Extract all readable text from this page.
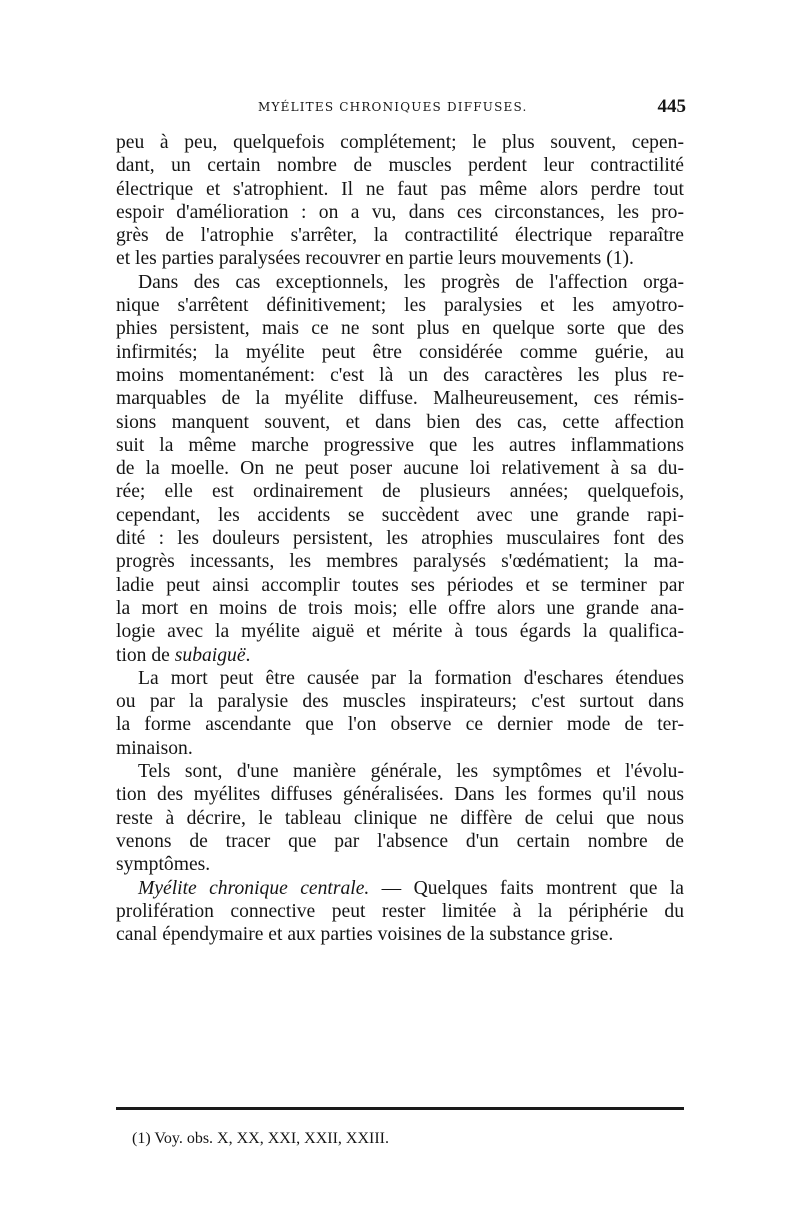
MYÉLITES CHRONIQUES DIFFUSES.	445
peu à peu, quelquefois complétement; le plus souvent, cepen-
dant, un certain nombre de muscles perdent leur contractilité
électrique et s'atrophient. Il ne faut pas même alors perdre tout
espoir d'amélioration : on a vu, dans ces circonstances, les pro-
grès de l'atrophie s'arrêter, la contractilité électrique reparaître
et les parties paralysées recouvrer en partie leurs mouvements (1).
Dans des cas exceptionnels, les progrès de l'affection orga-
nique s'arrêtent définitivement; les paralysies et les amyotro-
phies persistent, mais ce ne sont plus en quelque sorte que des
infirmités; la myélite peut être considérée comme guérie, au
moins momentanément: c'est là un des caractères les plus re-
marquables de la myélite diffuse. Malheureusement, ces rémis-
sions manquent souvent, et dans bien des cas, cette affection
suit la même marche progressive que les autres inflammations
de la moelle. On ne peut poser aucune loi relativement à sa du-
rée; elle est ordinairement de plusieurs années; quelquefois,
cependant, les accidents se succèdent avec une grande rapi-
dité : les douleurs persistent, les atrophies musculaires font des
progrès incessants, les membres paralysés s'œdématient; la ma-
ladie peut ainsi accomplir toutes ses périodes et se terminer par
la mort en moins de trois mois; elle offre alors une grande ana-
logie avec la myélite aiguë et mérite à tous égards la qualifica-
tion de subaiguë.
La mort peut être causée par la formation d'eschares étendues
ou par la paralysie des muscles inspirateurs; c'est surtout dans
la forme ascendante que l'on observe ce dernier mode de ter-
minaison.
Tels sont, d'une manière générale, les symptômes et l'évolu-
tion des myélites diffuses généralisées. Dans les formes qu'il nous
reste à décrire, le tableau clinique ne diffère de celui que nous
venons de tracer que par l'absence d'un certain nombre de
symptômes.
Myélite chronique centrale. — Quelques faits montrent que la
prolifération connective peut rester limitée à la périphérie du
canal épendymaire et aux parties voisines de la substance grise.
(1) Voy. obs. X, XX, XXI, XXII, XXIII.
